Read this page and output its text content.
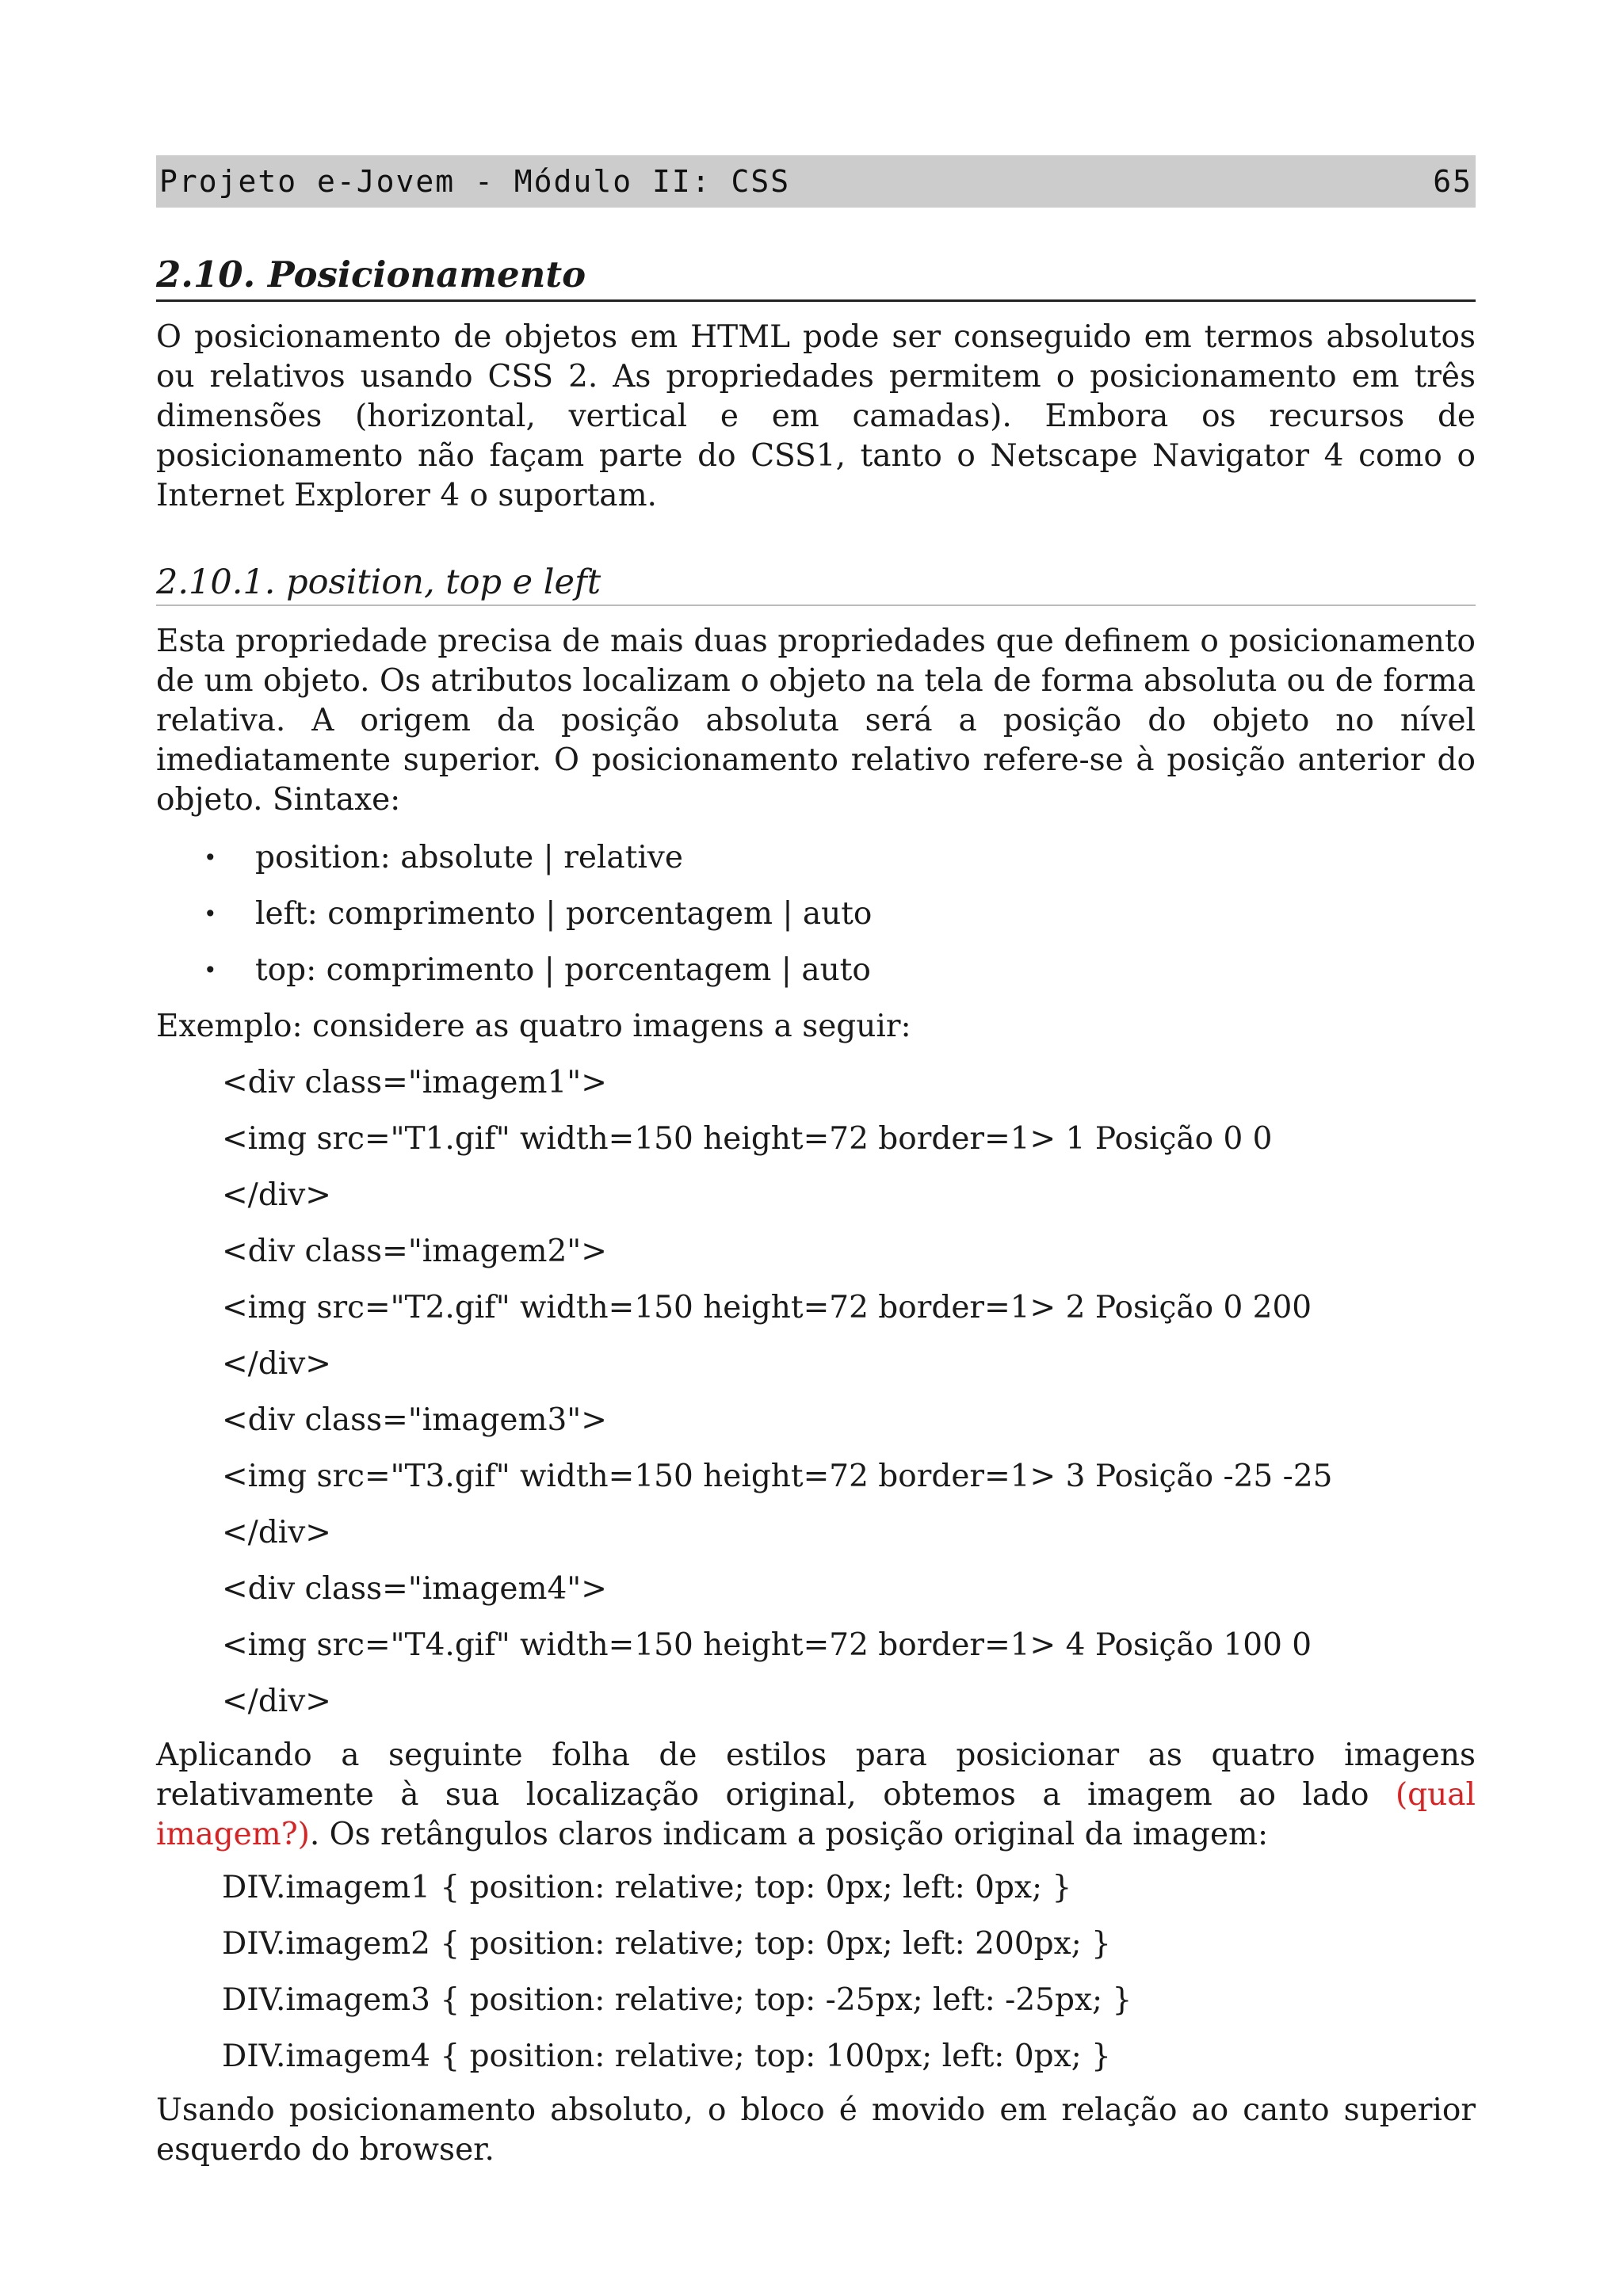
Projeto e-Jovem - Módulo II: CSS	65
2.10. Posicionamento

O posicionamento de objetos em HTML pode ser conseguido em termos absolutos ou relativos usando CSS 2. As propriedades permitem o posicionamento em três dimensões (horizontal, vertical e em camadas). Embora os recursos de posicionamento não façam parte do CSS1, tanto o Netscape Navigator 4 como o Internet Explorer 4 o suportam.

2.10.1. position, top e left

Esta propriedade precisa de mais duas propriedades que definem o posicionamento de um objeto. Os atributos localizam o objeto na tela de forma absoluta ou de forma relativa. A origem da posição absoluta será a posição do objeto no nível imediatamente superior. O posicionamento relativo refere-se à posição anterior do objeto. Sintaxe:

• position: absolute | relative
• left: comprimento | porcentagem | auto
• top: comprimento | porcentagem | auto
Exemplo: considere as quatro imagens a seguir:
<div class="imagem1">
<img src="T1.gif" width=150 height=72 border=1> 1 Posição 0 0
</div>
<div class="imagem2">
<img src="T2.gif" width=150 height=72 border=1> 2 Posição 0 200
</div>
<div class="imagem3">
<img src="T3.gif" width=150 height=72 border=1> 3 Posição -25 -25
</div>
<div class="imagem4">
<img src="T4.gif" width=150 height=72 border=1> 4 Posição 100 0
</div>

Aplicando a seguinte folha de estilos para posicionar as quatro imagens relativamente à sua localização original, obtemos a imagem ao lado (qual imagem?). Os retângulos claros indicam a posição original da imagem:

DIV.imagem1 { position: relative; top: 0px; left: 0px; }
DIV.imagem2 { position: relative; top: 0px; left: 200px; }
DIV.imagem3 { position: relative; top: -25px; left: -25px; }
DIV.imagem4 { position: relative; top: 100px; left: 0px; }

Usando posicionamento absoluto, o bloco é movido em relação ao canto superior esquerdo do browser.
